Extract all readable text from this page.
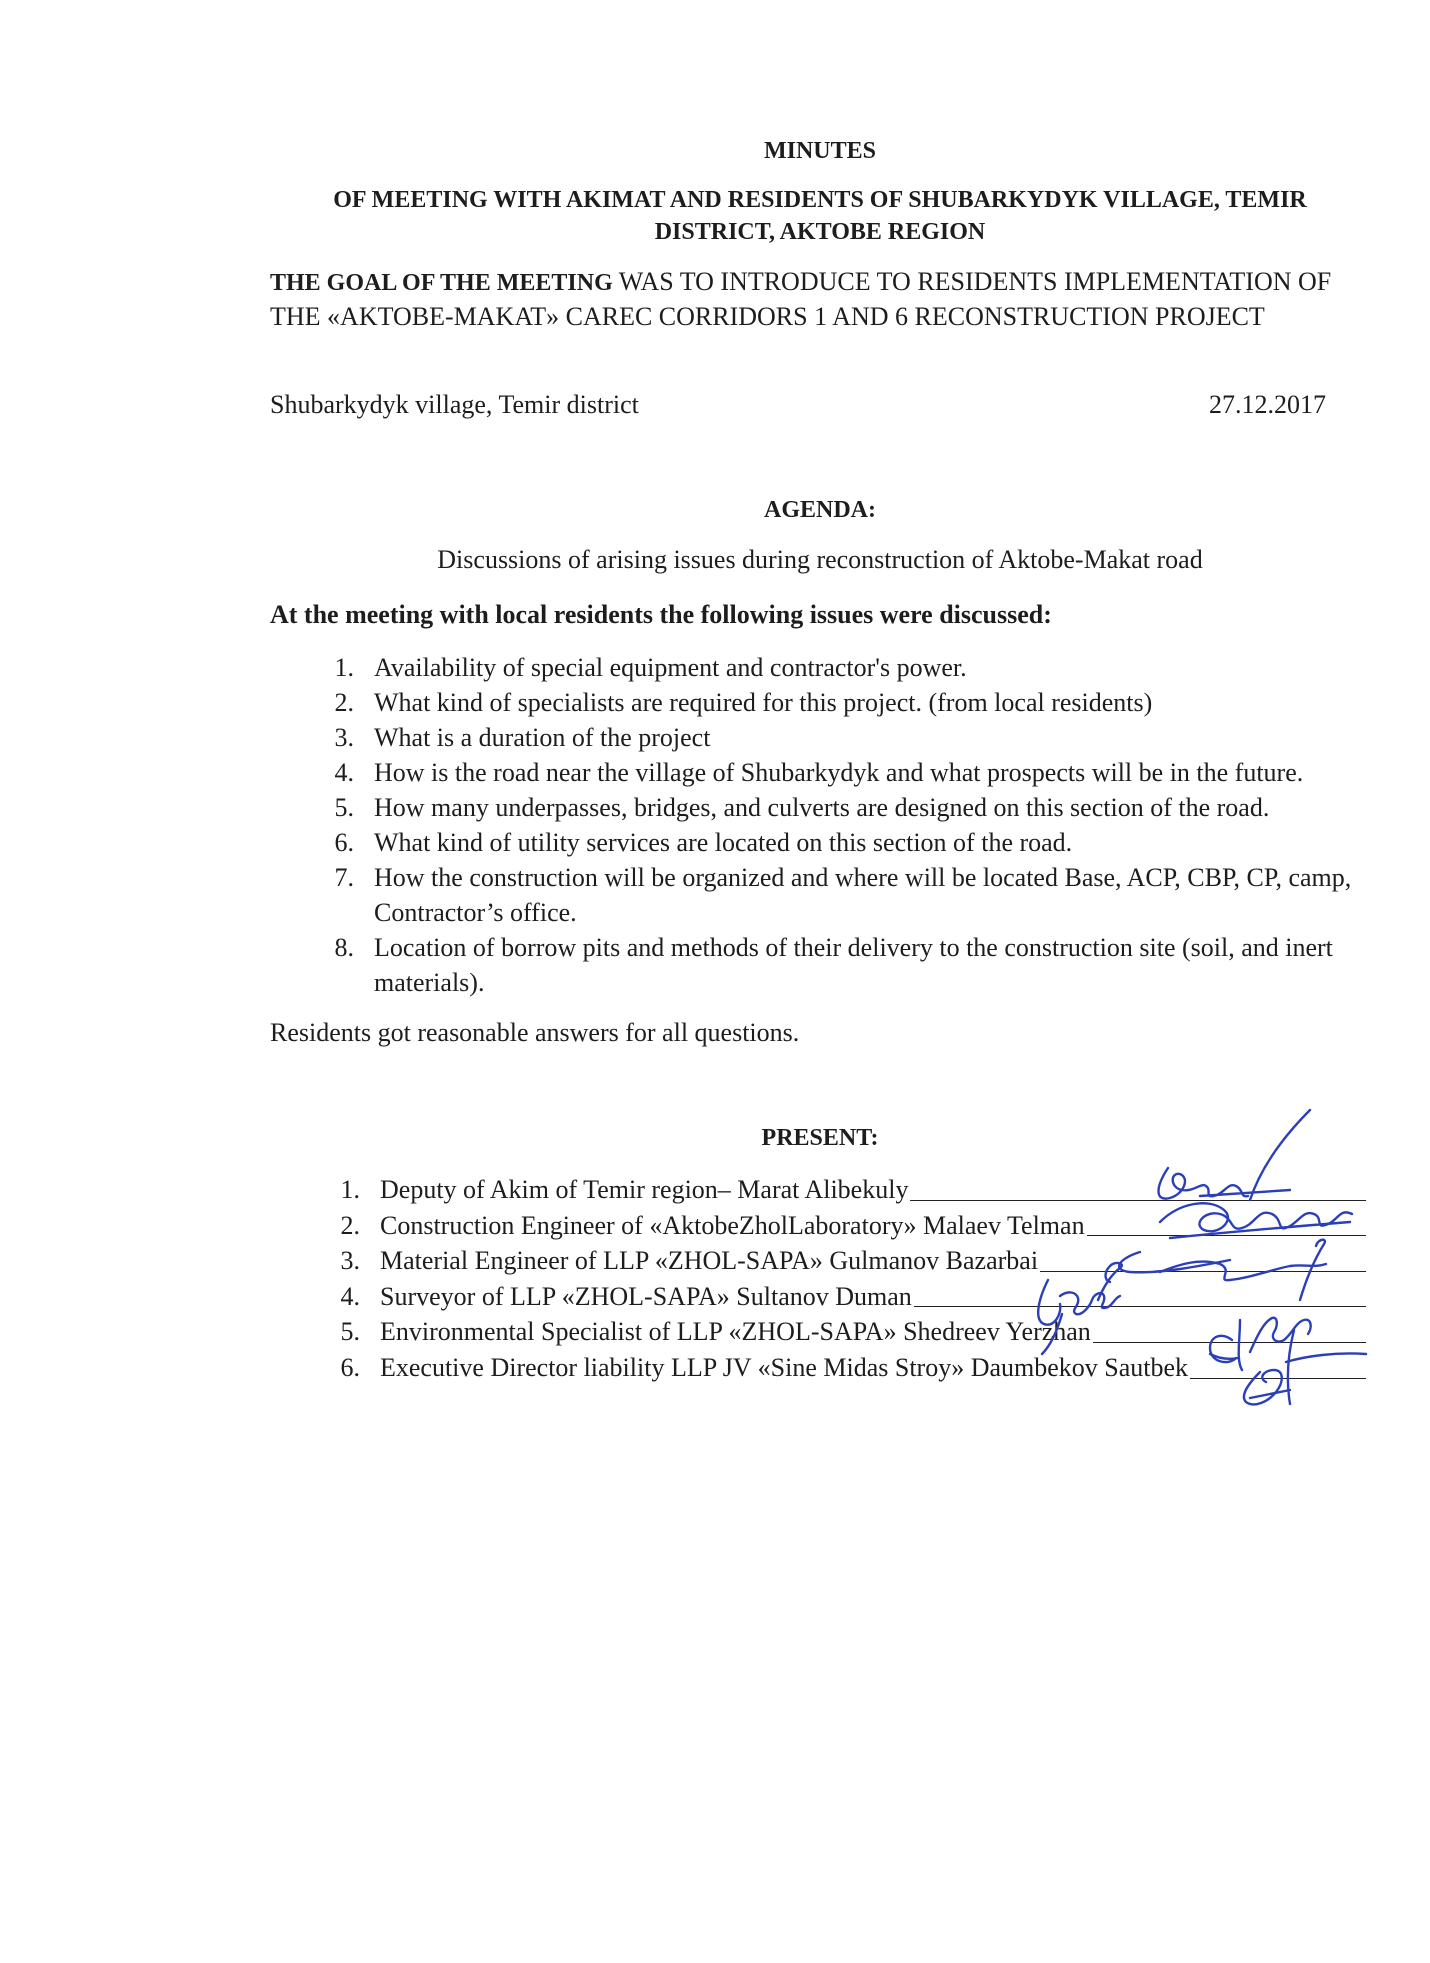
MINUTES
OF MEETING WITH AKIMAT AND RESIDENTS OF SHUBARKYDYK VILLAGE, TEMIR DISTRICT, AKTOBE REGION
THE GOAL OF THE MEETING WAS TO INTRODUCE TO RESIDENTS IMPLEMENTATION OF THE «AKTOBE-MAKAT» CAREC CORRIDORS 1 AND 6 RECONSTRUCTION PROJECT
Shubarkydyk village, Temir district	27.12.2017
AGENDA:
Discussions of arising issues during reconstruction of Aktobe-Makat road
At the meeting with local residents the following issues were discussed:
1. Availability of special equipment and contractor's power.
2. What kind of specialists are required for this project. (from local residents)
3. What is a duration of the project
4. How is the road near the village of Shubarkydyk and what prospects will be in the future.
5. How many underpasses, bridges, and culverts are designed on this section of the road.
6. What kind of utility services are located on this section of the road.
7. How the construction will be organized and where will be located Base, ACP, CBP, CP, camp, Contractor’s office.
8. Location of borrow pits and methods of their delivery to the construction site (soil, and inert materials).
Residents got reasonable answers for all questions.
PRESENT:
1. Deputy of Akim of Temir region– Marat Alibekuly
2. Construction Engineer of «AktobeZholLaboratory» Malaev Telman
3. Material Engineer of LLP «ZHOL-SAPA» Gulmanov Bazarbai
4. Surveyor of LLP «ZHOL-SAPA» Sultanov Duman
5. Environmental Specialist of LLP «ZHOL-SAPA» Shedreev Yerzhan
6. Executive Director liability LLP JV «Sine Midas Stroy» Daumbekov Sautbek
